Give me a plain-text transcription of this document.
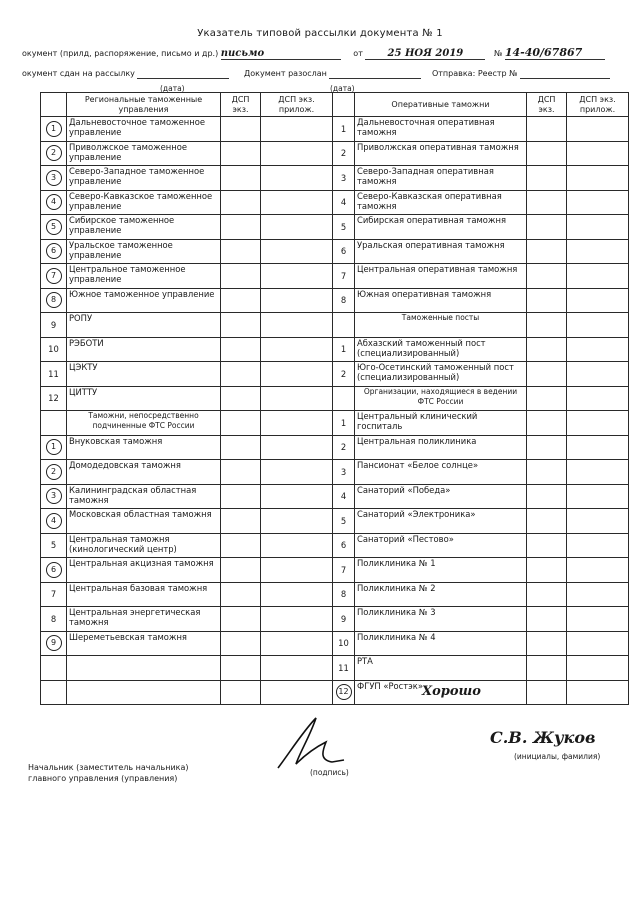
Указатель типовой рассылки документа № 1
окумент (прилд, распоряжение, письмо и др.) письмо	от 25 НОЯ 2019	№ 14-40/67867
окумент сдан на рассылку	Документ разослан	Отправка: Реестр №
(дата)	(дата)
	Региональные таможенные управления	ДСП экз.	ДСП экз. прилож.		Оперативные таможни	ДСП экз.	ДСП экз. прилож.
1	Дальневосточное таможенное управление			1	Дальневосточная оперативная таможня		
2	Приволжское таможенное управление			2	Приволжская оперативная таможня		
3	Северо-Западное таможенное управление			3	Северо-Западная оперативная таможня		
4	Северо-Кавказское таможенное управление			4	Северо-Кавказская оперативная таможня		
5	Сибирское таможенное управление			5	Сибирская оперативная таможня		
6	Уральское таможенное управление			6	Уральская оперативная таможня		
7	Центральное таможенное управление			7	Центральная оперативная таможня		
8	Южное таможенное управление			8	Южная оперативная таможня		
9	РОПУ				Таможенные посты		
10	РЭБОТИ			1	Абхазский таможенный пост (специализированный)		
11	ЦЭКТУ			2	Юго-Осетинский таможенный пост (специализированный)		
12	ЦИТТУ				Организации, находящиеся в ведении ФТС России		
	Таможни, непосредственно подчиненные ФТС России			1	Центральный клинический госпиталь		
1	Внуковская таможня			2	Центральная поликлиника		
2	Домодедовская таможня			3	Пансионат «Белое солнце»		
3	Калининградская областная таможня			4	Санаторий «Победа»		
4	Московская областная таможня			5	Санаторий «Электроника»		
5	Центральная таможня (кинологический центр)			6	Санаторий «Пестово»		
6	Центральная акцизная таможня			7	Поликлиника № 1		
7	Центральная базовая таможня			8	Поликлиника № 2		
8	Центральная энергетическая таможня			9	Поликлиника № 3		
9	Шереметьевская таможня			10	Поликлиника № 4		
				11	РТА		
				12	ФГУП «Ростэк»		Хорошо
С.В. Жуков
Начальник (заместитель начальника) главного управления (управления)
(подпись)
(инициалы, фамилия)
